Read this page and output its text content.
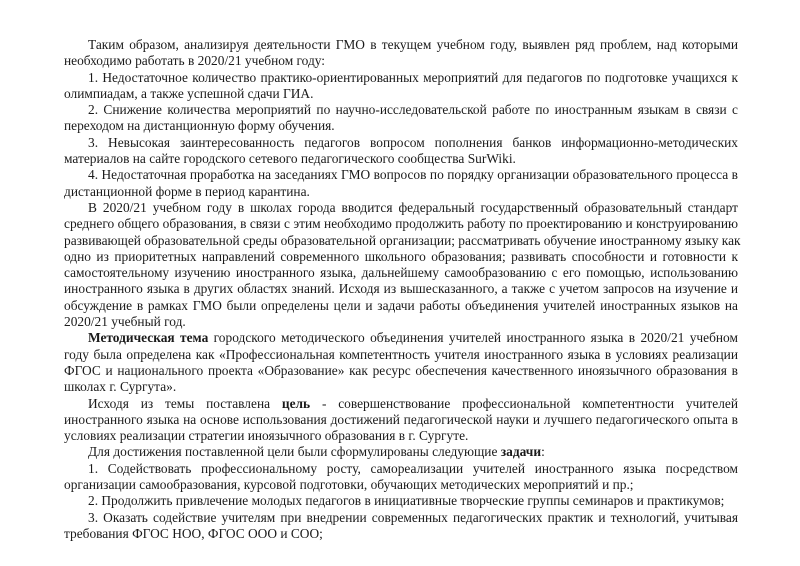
Таким образом, анализируя деятельности ГМО в текущем учебном году, выявлен ряд проблем, над которыми
необходимо работать в 2020/21 учебном году:
1. Недостаточное количество практико-ориентированных мероприятий для педагогов по подготовке учащихся к
олимпиадам, а также успешной сдачи ГИА.
2. Снижение количества мероприятий по научно-исследовательской работе по иностранным языкам в связи с
переходом на дистанционную форму обучения.
3. Невысокая заинтересованность педагогов вопросом пополнения банков информационно-методических
материалов на сайте городского сетевого педагогического сообщества SurWiki.
4. Недостаточная проработка на заседаниях ГМО вопросов по порядку организации образовательного процесса в
дистанционной форме в период карантина.
В 2020/21 учебном году в школах города вводится федеральный государственный образовательный стандарт
среднего общего образования, в связи с этим необходимо продолжить работу по проектированию и конструированию
развивающей образовательной среды образовательной организации; рассматривать обучение иностранному языку как
одно из приоритетных направлений современного школьного образования; развивать способности и готовности к
самостоятельному изучению иностранного языка, дальнейшему самообразованию с его помощью, использованию
иностранного языка в других областях знаний. Исходя из вышесказанного, а также с учетом запросов на изучение и
обсуждение в рамках ГМО были определены цели и задачи работы объединения учителей иностранных языков на
2020/21 учебный год.
Методическая тема городского методического объединения учителей иностранного языка в 2020/21 учебном
году была определена как «Профессиональная компетентность учителя иностранного языка в условиях реализации
ФГОС и национального проекта «Образование» как ресурс обеспечения качественного иноязычного образования в
школах г. Сургута».
Исходя из темы поставлена цель - совершенствование профессиональной компетентности учителей
иностранного языка на основе использования достижений педагогической науки и лучшего педагогического опыта в
условиях реализации стратегии иноязычного образования в г. Сургуте.
Для достижения поставленной цели были сформулированы следующие задачи:
1. Содействовать профессиональному росту, самореализации учителей иностранного языка посредством
организации самообразования, курсовой подготовки, обучающих методических мероприятий и пр.;
2. Продолжить привлечение молодых педагогов в инициативные творческие группы семинаров и практикумов;
3. Оказать содействие учителям при внедрении современных педагогических практик и технологий, учитывая
требования ФГОС НОО, ФГОС ООО и СОО;
